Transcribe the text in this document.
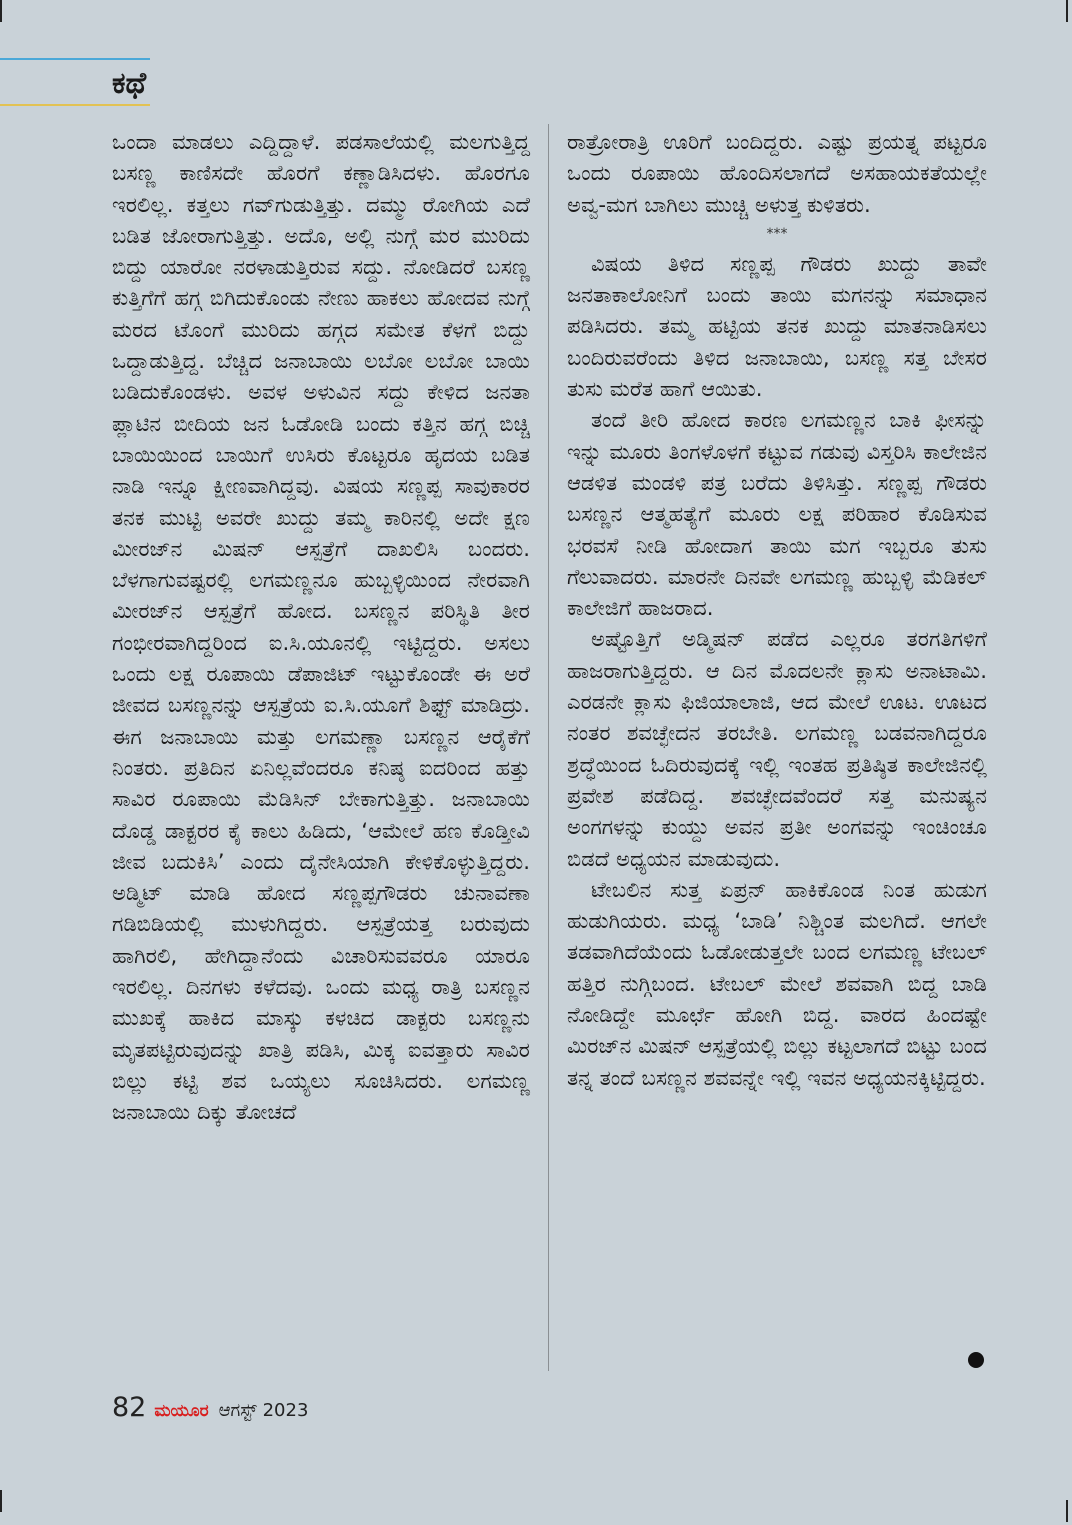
ಕಥೆ

ಒಂದಾ ಮಾಡಲು ಎದ್ದಿದ್ದಾಳೆ. ಪಡಸಾಲೆಯಲ್ಲಿ ಮಲಗುತ್ತಿದ್ದ ಬಸಣ್ಣ ಕಾಣಿಸದೇ ಹೊರಗೆ ಕಣ್ಣಾಡಿಸಿದಳು. ಹೊರಗೂ ಇರಲಿಲ್ಲ. ಕತ್ತಲು ಗವ್‌ಗುಡುತ್ತಿತ್ತು. ದಮ್ಮು ರೋಗಿಯ ಎದೆ ಬಡಿತ ಜೋರಾಗುತ್ತಿತ್ತು. ಅದೊ, ಅಲ್ಲಿ ನುಗ್ಗೆ ಮರ ಮುರಿದು ಬಿದ್ದು ಯಾರೋ ನರಳಾಡುತ್ತಿರುವ ಸದ್ದು. ನೋಡಿದರೆ ಬಸಣ್ಣ ಕುತ್ತಿಗೆಗೆ ಹಗ್ಗ ಬಿಗಿದುಕೊಂಡು ನೇಣು ಹಾಕಲು ಹೋದವ ನುಗ್ಗೆ ಮರದ ಟೊಂಗೆ ಮುರಿದು ಹಗ್ಗದ ಸಮೇತ ಕೆಳಗೆ ಬಿದ್ದು ಒದ್ದಾಡುತ್ತಿದ್ದ. ಬೆಚ್ಚಿದ ಜನಾಬಾಯಿ ಲಬೋ ಲಬೋ ಬಾಯಿ ಬಡಿದುಕೊಂಡಳು. ಅವಳ ಅಳುವಿನ ಸದ್ದು ಕೇಳಿದ ಜನತಾ ಪ್ಲಾಟಿನ ಬೀದಿಯ ಜನ ಓಡೋಡಿ ಬಂದು ಕತ್ತಿನ ಹಗ್ಗ ಬಿಚ್ಚಿ ಬಾಯಿಯಿಂದ ಬಾಯಿಗೆ ಉಸಿರು ಕೊಟ್ಟರೂ ಹೃದಯ ಬಡಿತ ನಾಡಿ ಇನ್ನೂ ಕ್ಷೀಣವಾಗಿದ್ದವು. ವಿಷಯ ಸಣ್ಣಪ್ಪ ಸಾವುಕಾರರ ತನಕ ಮುಟ್ಟಿ ಅವರೇ ಖುದ್ದು ತಮ್ಮ ಕಾರಿನಲ್ಲಿ ಅದೇ ಕ್ಷಣ ಮೀರಜ್‌ನ ಮಿಷನ್ ಆಸ್ಪತ್ರೆಗೆ ದಾಖಲಿಸಿ ಬಂದರು. ಬೆಳಗಾಗುವಷ್ಟರಲ್ಲಿ ಲಗಮಣ್ಣನೂ ಹುಬ್ಬಳ್ಳಿಯಿಂದ ನೇರವಾಗಿ ಮೀರಜ್‌ನ ಆಸ್ಪತ್ರೆಗೆ ಹೋದ. ಬಸಣ್ಣನ ಪರಿಸ್ಥಿತಿ ತೀರ ಗಂಭೀರವಾಗಿದ್ದರಿಂದ ಐ.ಸಿ.ಯೂನಲ್ಲಿ ಇಟ್ಟಿದ್ದರು. ಅಸಲು ಒಂದು ಲಕ್ಷ ರೂಪಾಯಿ ಡೆಪಾಜಿಟ್ ಇಟ್ಟುಕೊಂಡೇ ಈ ಅರೆ ಜೀವದ ಬಸಣ್ಣನನ್ನು ಆಸ್ಪತ್ರೆಯ ಐ.ಸಿ.ಯೂಗೆ ಶಿಫ್ಟ್ ಮಾಡಿದ್ರು. ಈಗ ಜನಾಬಾಯಿ ಮತ್ತು ಲಗಮಣ್ಣಾ ಬಸಣ್ಣನ ಆರೈಕೆಗೆ ನಿಂತರು. ಪ್ರತಿದಿನ ಏನಿಲ್ಲವೆಂದರೂ ಕನಿಷ್ಠ ಐದರಿಂದ ಹತ್ತು ಸಾವಿರ ರೂಪಾಯಿ ಮೆಡಿಸಿನ್ ಬೇಕಾಗುತ್ತಿತ್ತು. ಜನಾಬಾಯಿ ದೊಡ್ಡ ಡಾಕ್ಟರರ ಕೈ ಕಾಲು ಹಿಡಿದು, ‘ಆಮೇಲೆ ಹಣ ಕೊಡ್ತೀವಿ ಜೀವ ಬದುಕಿಸಿ’ ಎಂದು ದೈನೇಸಿಯಾಗಿ ಕೇಳಿಕೊಳ್ಳುತ್ತಿದ್ದರು. ಅಡ್ಮಿಟ್ ಮಾಡಿ ಹೋದ ಸಣ್ಣಪ್ಪಗೌಡರು ಚುನಾವಣಾ ಗಡಿಬಿಡಿಯಲ್ಲಿ ಮುಳುಗಿದ್ದರು. ಆಸ್ಪತ್ರೆಯತ್ತ ಬರುವುದು ಹಾಗಿರಲಿ, ಹೇಗಿದ್ದಾನೆಂದು ವಿಚಾರಿಸುವವರೂ ಯಾರೂ ಇರಲಿಲ್ಲ. ದಿನಗಳು ಕಳೆದವು. ಒಂದು ಮಧ್ಯ ರಾತ್ರಿ ಬಸಣ್ಣನ ಮುಖಕ್ಕೆ ಹಾಕಿದ ಮಾಸ್ಕು ಕಳಚಿದ ಡಾಕ್ಟರು ಬಸಣ್ಣನು ಮೃತಪಟ್ಟಿರುವುದನ್ನು ಖಾತ್ರಿ ಪಡಿಸಿ, ಮಿಕ್ಕ ಐವತ್ತಾರು ಸಾವಿರ ಬಿಲ್ಲು ಕಟ್ಟಿ ಶವ ಒಯ್ಯಲು ಸೂಚಿಸಿದರು. ಲಗಮಣ್ಣ ಜನಾಬಾಯಿ ದಿಕ್ಕು ತೋಚದೆ

ರಾತ್ರೋರಾತ್ರಿ ಊರಿಗೆ ಬಂದಿದ್ದರು. ಎಷ್ಟು ಪ್ರಯತ್ನ ಪಟ್ಟರೂ ಒಂದು ರೂಪಾಯಿ ಹೊಂದಿಸಲಾಗದೆ ಅಸಹಾಯಕತೆಯಲ್ಲೇ ಅವ್ವ-ಮಗ ಬಾಗಿಲು ಮುಚ್ಚಿ ಅಳುತ್ತ ಕುಳಿತರು.

***

ವಿಷಯ ತಿಳಿದ ಸಣ್ಣಪ್ಪ ಗೌಡರು ಖುದ್ದು ತಾವೇ ಜನತಾಕಾಲೋನಿಗೆ ಬಂದು ತಾಯಿ ಮಗನನ್ನು ಸಮಾಧಾನ ಪಡಿಸಿದರು. ತಮ್ಮ ಹಟ್ಟಿಯ ತನಕ ಖುದ್ದು ಮಾತನಾಡಿಸಲು ಬಂದಿರುವರೆಂದು ತಿಳಿದ ಜನಾಬಾಯಿ, ಬಸಣ್ಣ ಸತ್ತ ಬೇಸರ ತುಸು ಮರೆತ ಹಾಗೆ ಆಯಿತು.

ತಂದೆ ತೀರಿ ಹೋದ ಕಾರಣ ಲಗಮಣ್ಣನ ಬಾಕಿ ಫೀಸನ್ನು ಇನ್ನು ಮೂರು ತಿಂಗಳೊಳಗೆ ಕಟ್ಟುವ ಗಡುವು ವಿಸ್ತರಿಸಿ ಕಾಲೇಜಿನ ಆಡಳಿತ ಮಂಡಳಿ ಪತ್ರ ಬರೆದು ತಿಳಿಸಿತ್ತು. ಸಣ್ಣಪ್ಪ ಗೌಡರು ಬಸಣ್ಣನ ಆತ್ಮಹತ್ಯೆಗೆ ಮೂರು ಲಕ್ಷ ಪರಿಹಾರ ಕೊಡಿಸುವ ಭರವಸೆ ನೀಡಿ ಹೋದಾಗ ತಾಯಿ ಮಗ ಇಬ್ಬರೂ ತುಸು ಗೆಲುವಾದರು. ಮಾರನೇ ದಿನವೇ ಲಗಮಣ್ಣ ಹುಬ್ಬಳ್ಳಿ ಮೆಡಿಕಲ್ ಕಾಲೇಜಿಗೆ ಹಾಜರಾದ.

ಅಷ್ಟೊತ್ತಿಗೆ ಅಡ್ಮಿಷನ್ ಪಡೆದ ಎಲ್ಲರೂ ತರಗತಿಗಳಿಗೆ ಹಾಜರಾಗುತ್ತಿದ್ದರು. ಆ ದಿನ ಮೊದಲನೇ ಕ್ಲಾಸು ಅನಾಟಾಮಿ. ಎರಡನೇ ಕ್ಲಾಸು ಫಿಜಿಯಾಲಾಜಿ, ಆದ ಮೇಲೆ ಊಟ. ಊಟದ ನಂತರ ಶವಚ್ಛೇದನ ತರಬೇತಿ. ಲಗಮಣ್ಣ ಬಡವನಾಗಿದ್ದರೂ ಶ್ರದ್ಧೆಯಿಂದ ಓದಿರುವುದಕ್ಕೆ ಇಲ್ಲಿ ಇಂತಹ ಪ್ರತಿಷ್ಠಿತ ಕಾಲೇಜಿನಲ್ಲಿ ಪ್ರವೇಶ ಪಡೆದಿದ್ದ. ಶವಚ್ಛೇದವೆಂದರೆ ಸತ್ತ ಮನುಷ್ಯನ ಅಂಗಗಳನ್ನು ಕುಯ್ದು ಅವನ ಪ್ರತೀ ಅಂಗವನ್ನು ಇಂಚಿಂಚೂ ಬಿಡದೆ ಅಧ್ಯಯನ ಮಾಡುವುದು.

ಟೇಬಲಿನ ಸುತ್ತ ಏಪ್ರನ್ ಹಾಕಿಕೊಂಡ ನಿಂತ ಹುಡುಗ ಹುಡುಗಿಯರು. ಮಧ್ಯ ‘ಬಾಡಿ’ ನಿಶ್ಚಿಂತ ಮಲಗಿದೆ. ಆಗಲೇ ತಡವಾಗಿದೆಯೆಂದು ಓಡೋಡುತ್ತಲೇ ಬಂದ ಲಗಮಣ್ಣ ಟೇಬಲ್ ಹತ್ತಿರ ನುಗ್ಗಿಬಂದ. ಟೇಬಲ್ ಮೇಲೆ ಶವವಾಗಿ ಬಿದ್ದ ಬಾಡಿ ನೋಡಿದ್ದೇ ಮೂರ್ಛೆ ಹೋಗಿ ಬಿದ್ದ. ವಾರದ ಹಿಂದಷ್ಟೇ ಮಿರಜ್‌ನ ಮಿಷನ್ ಆಸ್ಪತ್ರೆಯಲ್ಲಿ ಬಿಲ್ಲು ಕಟ್ಟಲಾಗದೆ ಬಿಟ್ಟು ಬಂದ ತನ್ನ ತಂದೆ ಬಸಣ್ಣನ ಶವವನ್ನೇ ಇಲ್ಲಿ ಇವನ ಅಧ್ಯಯನಕ್ಕಿಟ್ಟಿದ್ದರು.

82 ಮಯೂರ ಆಗಸ್ಟ್ 2023
